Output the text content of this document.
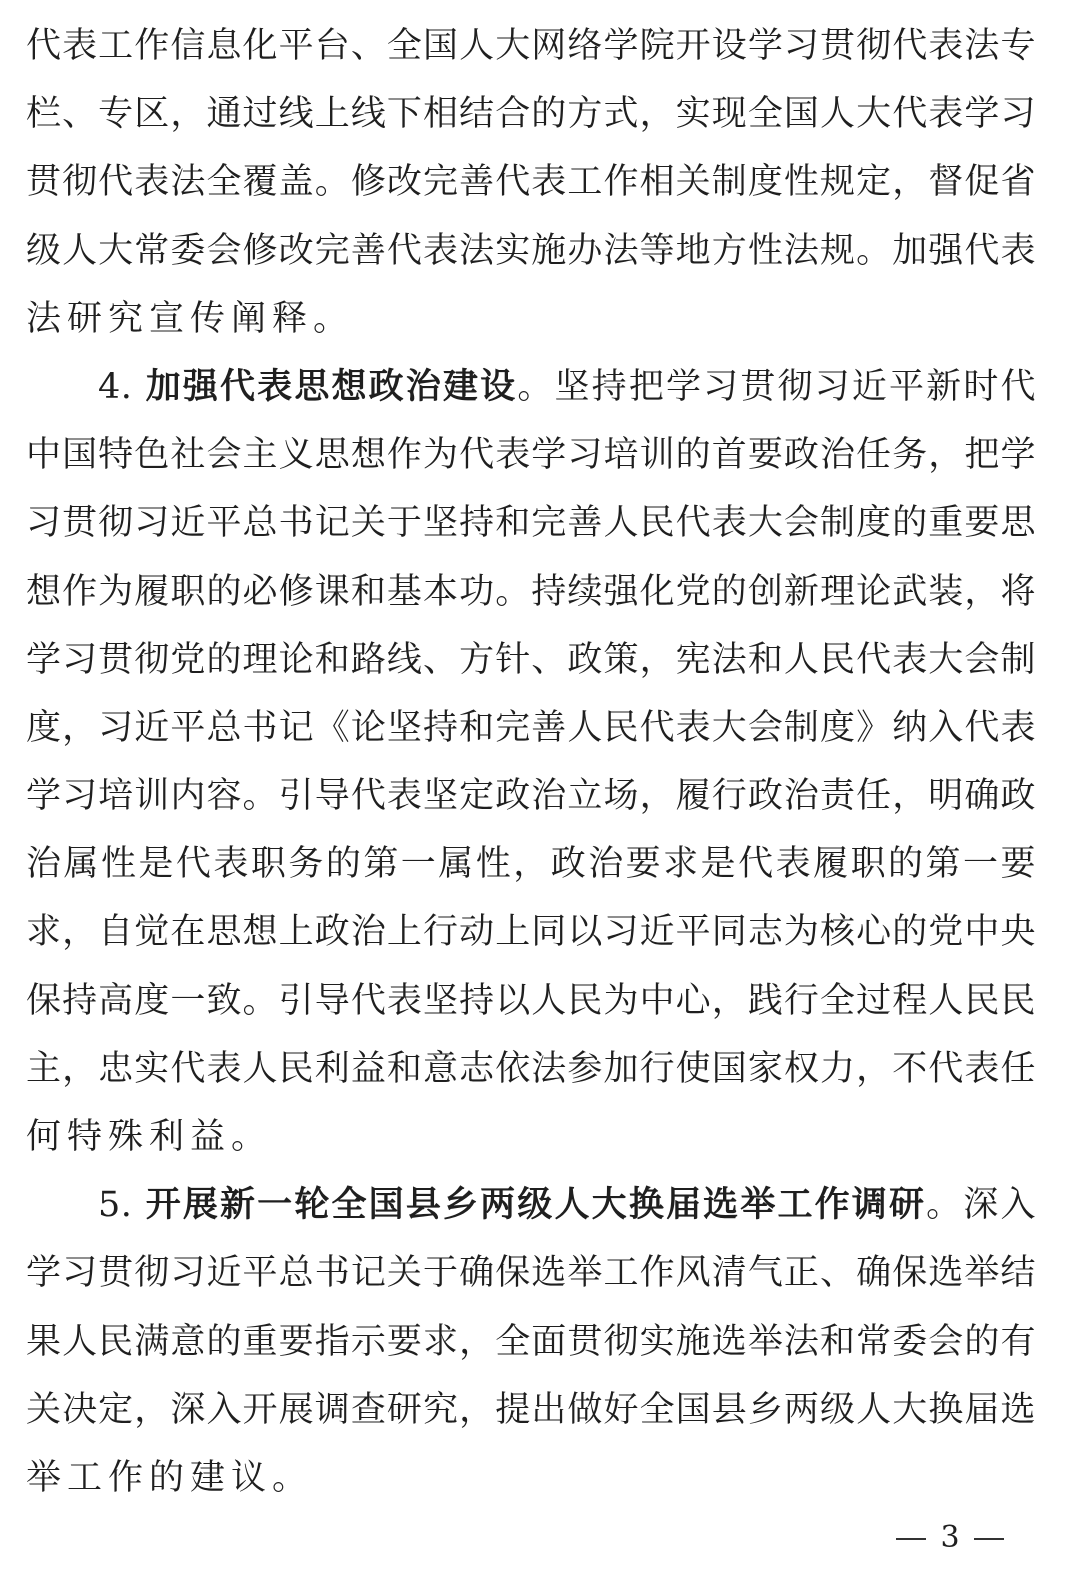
代表工作信息化平台、全国人大网络学院开设学习贯彻代表法专
栏、专区，通过线上线下相结合的方式，实现全国人大代表学习
贯彻代表法全覆盖。修改完善代表工作相关制度性规定，督促省
级人大常委会修改完善代表法实施办法等地方性法规。加强代表
法研究宣传阐释。
4. 加强代表思想政治建设。坚持把学习贯彻习近平新时代
中国特色社会主义思想作为代表学习培训的首要政治任务，把学
习贯彻习近平总书记关于坚持和完善人民代表大会制度的重要思
想作为履职的必修课和基本功。持续强化党的创新理论武装，将
学习贯彻党的理论和路线、方针、政策，宪法和人民代表大会制
度，习近平总书记《论坚持和完善人民代表大会制度》纳入代表
学习培训内容。引导代表坚定政治立场，履行政治责任，明确政
治属性是代表职务的第一属性，政治要求是代表履职的第一要
求，自觉在思想上政治上行动上同以习近平同志为核心的党中央
保持高度一致。引导代表坚持以人民为中心，践行全过程人民民
主，忠实代表人民利益和意志依法参加行使国家权力，不代表任
何特殊利益。
5. 开展新一轮全国县乡两级人大换届选举工作调研。深入
学习贯彻习近平总书记关于确保选举工作风清气正、确保选举结
果人民满意的重要指示要求，全面贯彻实施选举法和常委会的有
关决定，深入开展调查研究，提出做好全国县乡两级人大换届选
举工作的建议。
3
